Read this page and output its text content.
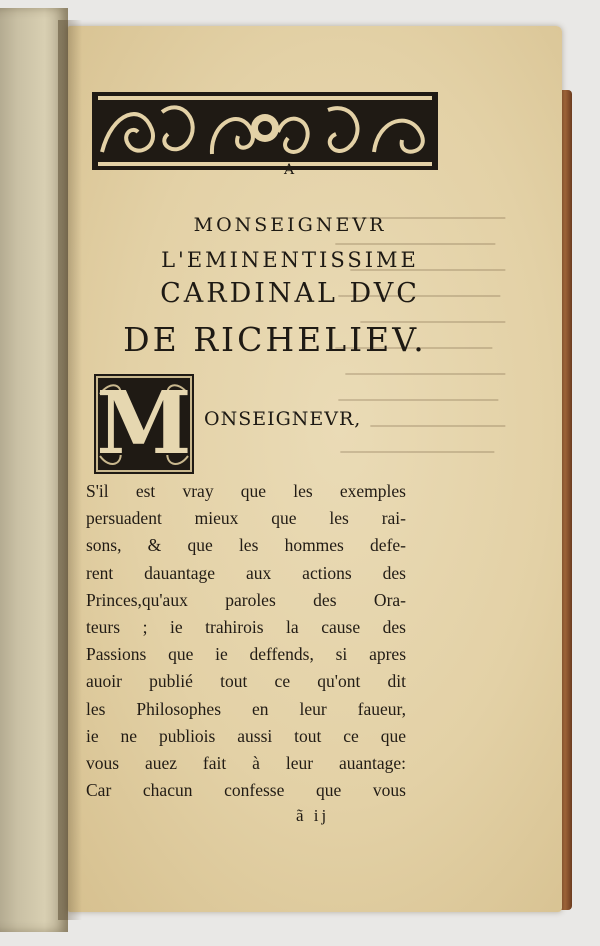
A
MONSEIGNEVR
L'EMINENTISSIME
CARDINAL DVC
DE RICHELIEV.
M ONSEIGNEVR,
S'il est vray que les exemples
persuadent mieux que les rai-
sons, & que les hommes defe-
rent dauantage aux actions des
Princes,qu'aux paroles des Ora-
teurs ; ie trahirois la cause des
Passions que ie deffends, si apres
auoir publié tout ce qu'ont dit
les Philosophes en leur faueur,
ie ne publiois aussi tout ce que
vous auez fait à leur auantage:
Car chacun confesse que vous
ã ij
